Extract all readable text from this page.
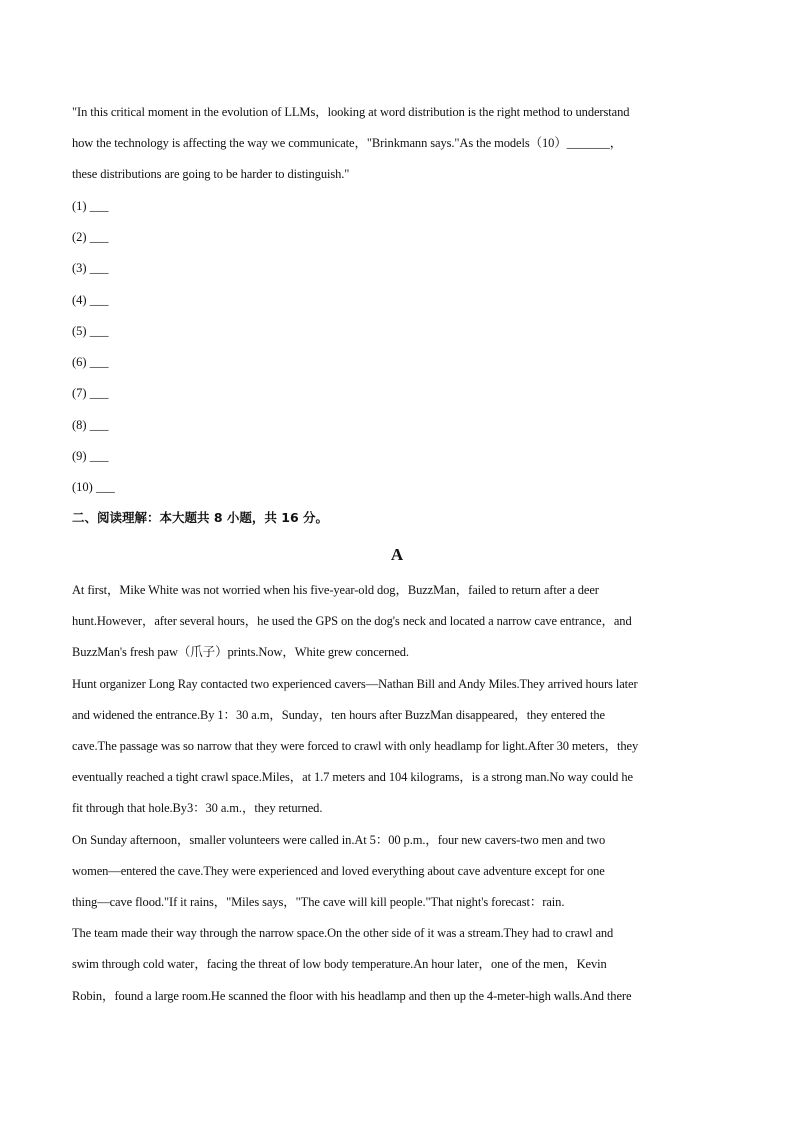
"In this critical moment in the evolution of LLMs，looking at word distribution is the right method to understand
how the technology is affecting the way we communicate，"Brinkmann says."As the models（10）_______，
these distributions are going to be harder to distinguish."
(1) ___
(2) ___
(3) ___
(4) ___
(5) ___
(6) ___
(7) ___
(8) ___
(9) ___
(10) ___
二、阅读理解：本大题共 8 小题，共 16 分。
A
At first，Mike White was not worried when his five-year-old dog，BuzzMan，failed to return after a deer
hunt.However，after several hours，he used the GPS on the dog's neck and located a narrow cave entrance，and
BuzzMan's fresh paw（爪子）prints.Now，White grew concerned.
Hunt organizer Long Ray contacted two experienced cavers—Nathan Bill and Andy Miles.They arrived hours later
and widened the entrance.By 1：30 a.m，Sunday，ten hours after BuzzMan disappeared，they entered the
cave.The passage was so narrow that they were forced to crawl with only headlamp for light.After 30 meters，they
eventually reached a tight crawl space.Miles，at 1.7 meters and 104 kilograms，is a strong man.No way could he
fit through that hole.By3：30 a.m.，they returned.
On Sunday afternoon，smaller volunteers were called in.At 5：00 p.m.，four new cavers-two men and two
women—entered the cave.They were experienced and loved everything about cave adventure except for one
thing—cave flood."If it rains，"Miles says，"The cave will kill people."That night's forecast：rain.
The team made their way through the narrow space.On the other side of it was a stream.They had to crawl and
swim through cold water，facing the threat of low body temperature.An hour later，one of the men，Kevin
Robin，found a large room.He scanned the floor with his headlamp and then up the 4-meter-high walls.And there
